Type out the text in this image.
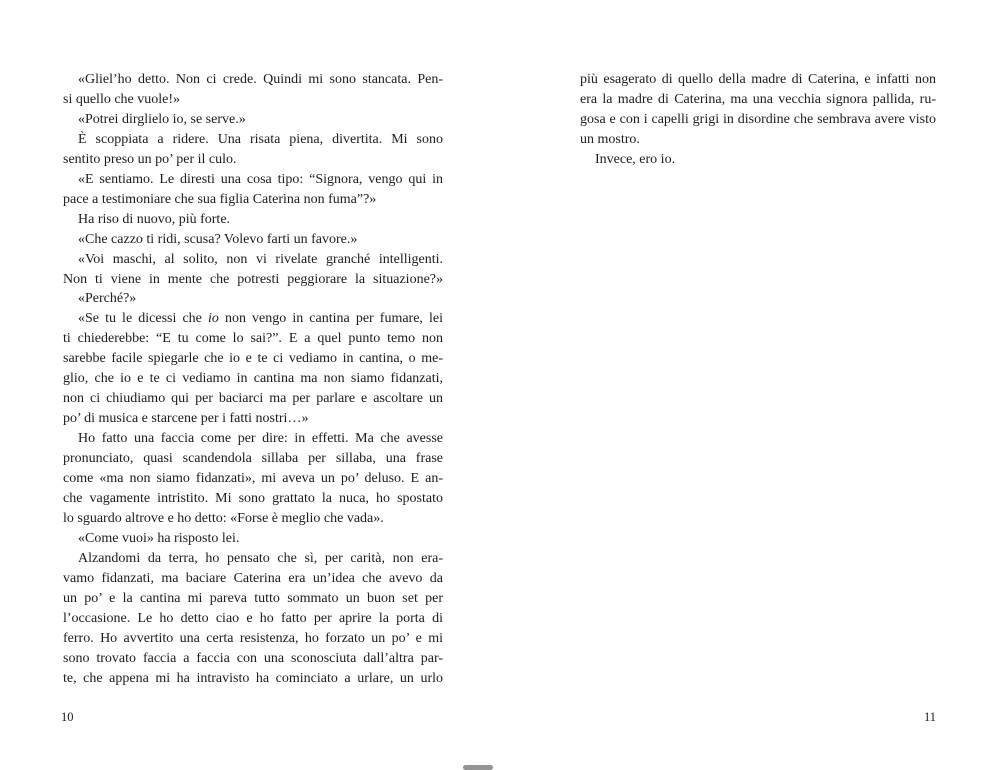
«Gliel’ho detto. Non ci crede. Quindi mi sono stancata. Pen-
si quello che vuole!»
«Potrei dirglielo io, se serve.»
È scoppiata a ridere. Una risata piena, divertita. Mi sono
sentito preso un po’ per il culo.
«E sentiamo. Le diresti una cosa tipo: “Signora, vengo qui in
pace a testimoniare che sua figlia Caterina non fuma”?»
Ha riso di nuovo, più forte.
«Che cazzo ti ridi, scusa? Volevo farti un favore.»
«Voi maschi, al solito, non vi rivelate granché intelligenti.
Non ti viene in mente che potresti peggiorare la situazione?»
«Perché?»
«Se tu le dicessi che io non vengo in cantina per fumare, lei
ti chiederebbe: “E tu come lo sai?”. E a quel punto temo non
sarebbe facile spiegarle che io e te ci vediamo in cantina, o me-
glio, che io e te ci vediamo in cantina ma non siamo fidanzati,
non ci chiudiamo qui per baciarci ma per parlare e ascoltare un
po’ di musica e starcene per i fatti nostri…»
Ho fatto una faccia come per dire: in effetti. Ma che avesse
pronunciato, quasi scandendola sillaba per sillaba, una frase
come «ma non siamo fidanzati», mi aveva un po’ deluso. E an-
che vagamente intristito. Mi sono grattato la nuca, ho spostato
lo sguardo altrove e ho detto: «Forse è meglio che vada».
«Come vuoi» ha risposto lei.
Alzandomi da terra, ho pensato che sì, per carità, non era-
vamo fidanzati, ma baciare Caterina era un’idea che avevo da
un po’ e la cantina mi pareva tutto sommato un buon set per
l’occasione. Le ho detto ciao e ho fatto per aprire la porta di
ferro. Ho avvertito una certa resistenza, ho forzato un po’ e mi
sono trovato faccia a faccia con una sconosciuta dall’altra par-
te, che appena mi ha intravisto ha cominciato a urlare, un urlo
più esagerato di quello della madre di Caterina, e infatti non
era la madre di Caterina, ma una vecchia signora pallida, ru-
gosa e con i capelli grigi in disordine che sembrava avere visto
un mostro.
Invece, ero io.
10	11
